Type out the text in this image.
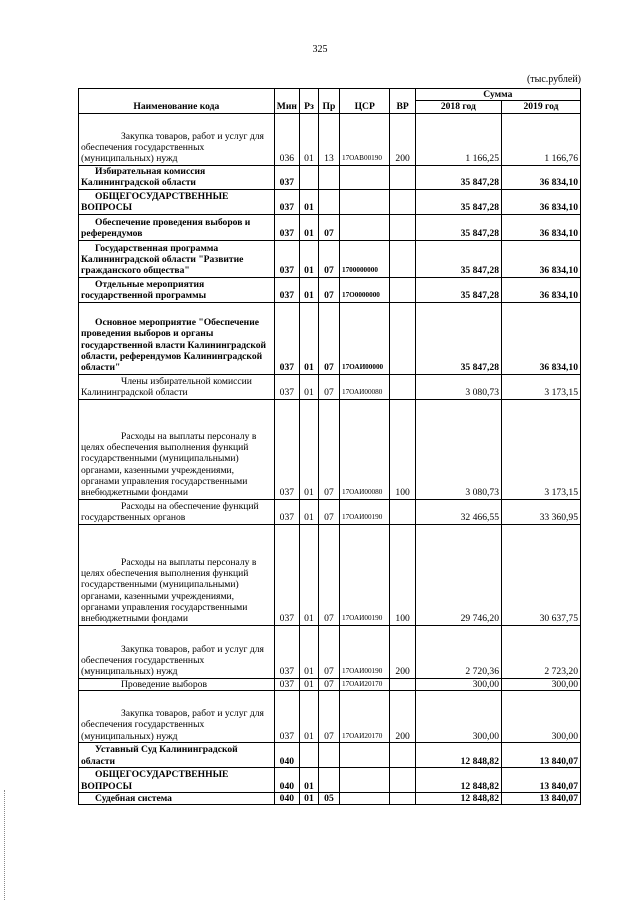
325
(тыс.рублей)
Наименование кода	Мин	Рз	Пр	ЦСР	ВР	Сумма	
						2018 год	2019 год
Закупка товаров, работ и услуг для обеспечения государственных (муниципальных) нужд	036	01	13	17ОАВ00190	200	1 166,25	1 166,76
Избирательная комиссия Калининградской области	037					35 847,28	36 834,10
ОБЩЕГОСУДАРСТВЕННЫЕ ВОПРОСЫ	037	01				35 847,28	36 834,10
Обеспечение проведения выборов и референдумов	037	01	07			35 847,28	36 834,10
Государственная программа Калининградской области "Развитие гражданского общества"	037	01	07	1700000000		35 847,28	36 834,10
Отдельные мероприятия государственной программы	037	01	07	17О0000000		35 847,28	36 834,10
Основное мероприятие "Обеспечение проведения выборов и органы государственной власти Калининградской области, референдумов Калининградской области"	037	01	07	17ОАИ00000		35 847,28	36 834,10
Члены избирательной комиссии Калининградской области	037	01	07	17ОАИ00080		3 080,73	3 173,15
Расходы на выплаты персоналу в целях обеспечения выполнения функций государственными (муниципальными) органами, казенными учреждениями, органами управления государственными внебюджетными фондами	037	01	07	17ОАИ00080	100	3 080,73	3 173,15
Расходы на обеспечение функций государственных органов	037	01	07	17ОАИ00190		32 466,55	33 360,95
Расходы на выплаты персоналу в целях обеспечения выполнения функций государственными (муниципальными) органами, казенными учреждениями, органами управления государственными внебюджетными фондами	037	01	07	17ОАИ00190	100	29 746,20	30 637,75
Закупка товаров, работ и услуг для обеспечения государственных (муниципальных) нужд	037	01	07	17ОАИ00190	200	2 720,36	2 723,20
Проведение выборов	037	01	07	17ОАИ20170		300,00	300,00
Закупка товаров, работ и услуг для обеспечения государственных (муниципальных) нужд	037	01	07	17ОАИ20170	200	300,00	300,00
Уставный Суд Калининградской области	040					12 848,82	13 840,07
ОБЩЕГОСУДАРСТВЕННЫЕ ВОПРОСЫ	040	01				12 848,82	13 840,07
Судебная система	040	01	05			12 848,82	13 840,07
